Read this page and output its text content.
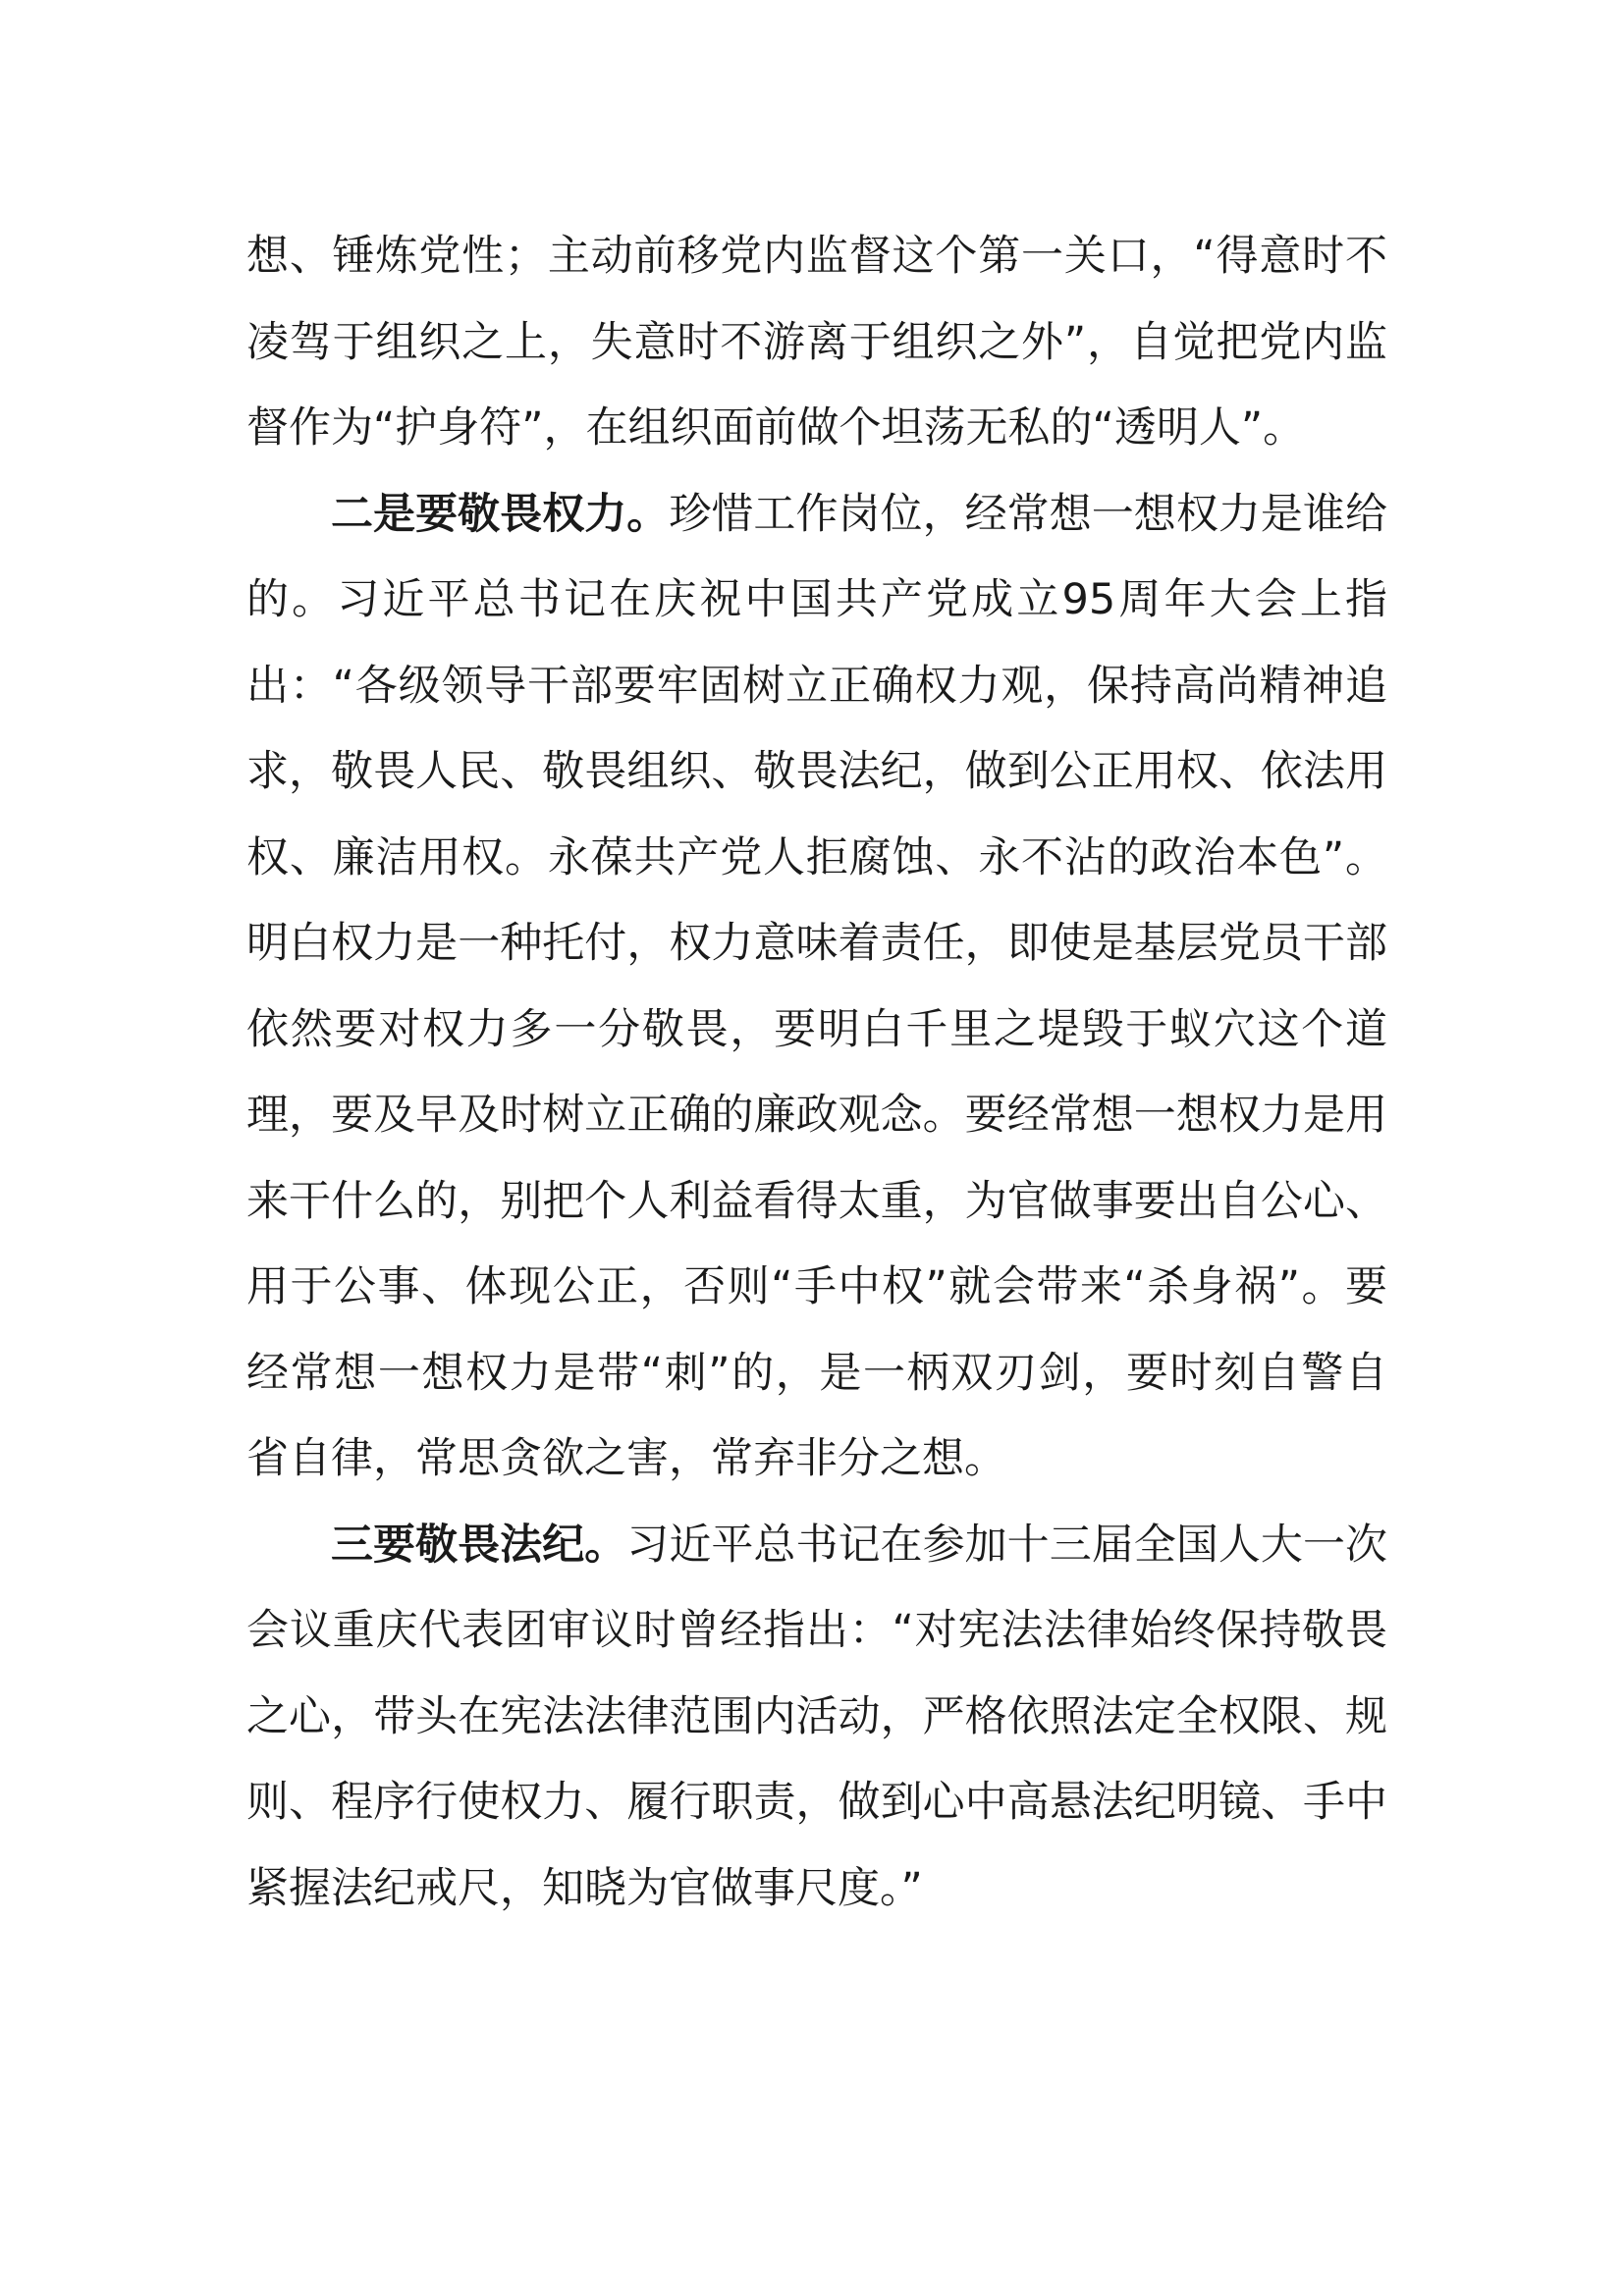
想、锤炼党性；主动前移党内监督这个第一关口，“得意时不凌驾于组织之上，失意时不游离于组织之外”，自觉把党内监督作为“护身符”，在组织面前做个坦荡无私的“透明人”。

二是要敬畏权力。珍惜工作岗位，经常想一想权力是谁给的。习近平总书记在庆祝中国共产党成立95周年大会上指出：“各级领导干部要牢固树立正确权力观，保持高尚精神追求，敬畏人民、敬畏组织、敬畏法纪，做到公正用权、依法用权、廉洁用权。永葆共产党人拒腐蚀、永不沾的政治本色”。明白权力是一种托付，权力意味着责任，即使是基层党员干部依然要对权力多一分敬畏，要明白千里之堤毁于蚁穴这个道理，要及早及时树立正确的廉政观念。要经常想一想权力是用来干什么的，别把个人利益看得太重，为官做事要出自公心、用于公事、体现公正，否则“手中权”就会带来“杀身祸”。要经常想一想权力是带“刺”的，是一柄双刃剑，要时刻自警自省自律，常思贪欲之害，常弃非分之想。

三要敬畏法纪。习近平总书记在参加十三届全国人大一次会议重庆代表团审议时曾经指出：“对宪法法律始终保持敬畏之心，带头在宪法法律范围内活动，严格依照法定全权限、规则、程序行使权力、履行职责，做到心中高悬法纪明镜、手中紧握法纪戒尺，知晓为官做事尺度。”
